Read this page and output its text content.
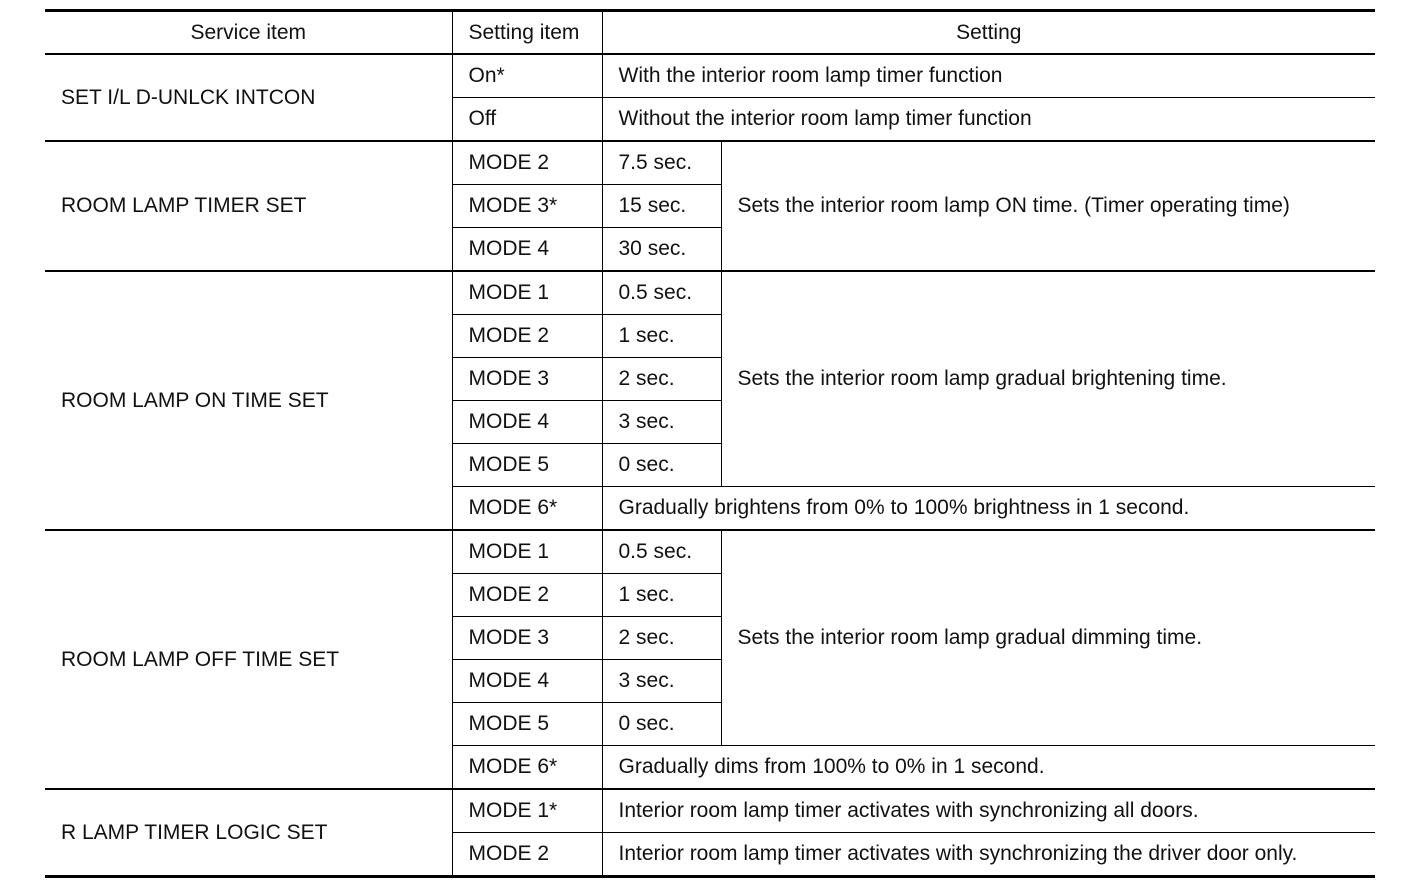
Service item	Setting item	Setting	
SET I/L D-UNLCK INTCON	On*	With the interior room lamp timer function	
	Off	Without the interior room lamp timer function	
ROOM LAMP TIMER SET	MODE 2	7.5 sec.	Sets the interior room lamp ON time. (Timer operating time)
	MODE 3*	15 sec.	
	MODE 4	30 sec.	
ROOM LAMP ON TIME SET	MODE 1	0.5 sec.	Sets the interior room lamp gradual brightening time.
	MODE 2	1 sec.	
	MODE 3	2 sec.	
	MODE 4	3 sec.	
	MODE 5	0 sec.	
	MODE 6*	Gradually brightens from 0% to 100% brightness in 1 second.	
ROOM LAMP OFF TIME SET	MODE 1	0.5 sec.	Sets the interior room lamp gradual dimming time.
	MODE 2	1 sec.	
	MODE 3	2 sec.	
	MODE 4	3 sec.	
	MODE 5	0 sec.	
	MODE 6*	Gradually dims from 100% to 0% in 1 second.	
R LAMP TIMER LOGIC SET	MODE 1*	Interior room lamp timer activates with synchronizing all doors.	
	MODE 2	Interior room lamp timer activates with synchronizing the driver door only.	
